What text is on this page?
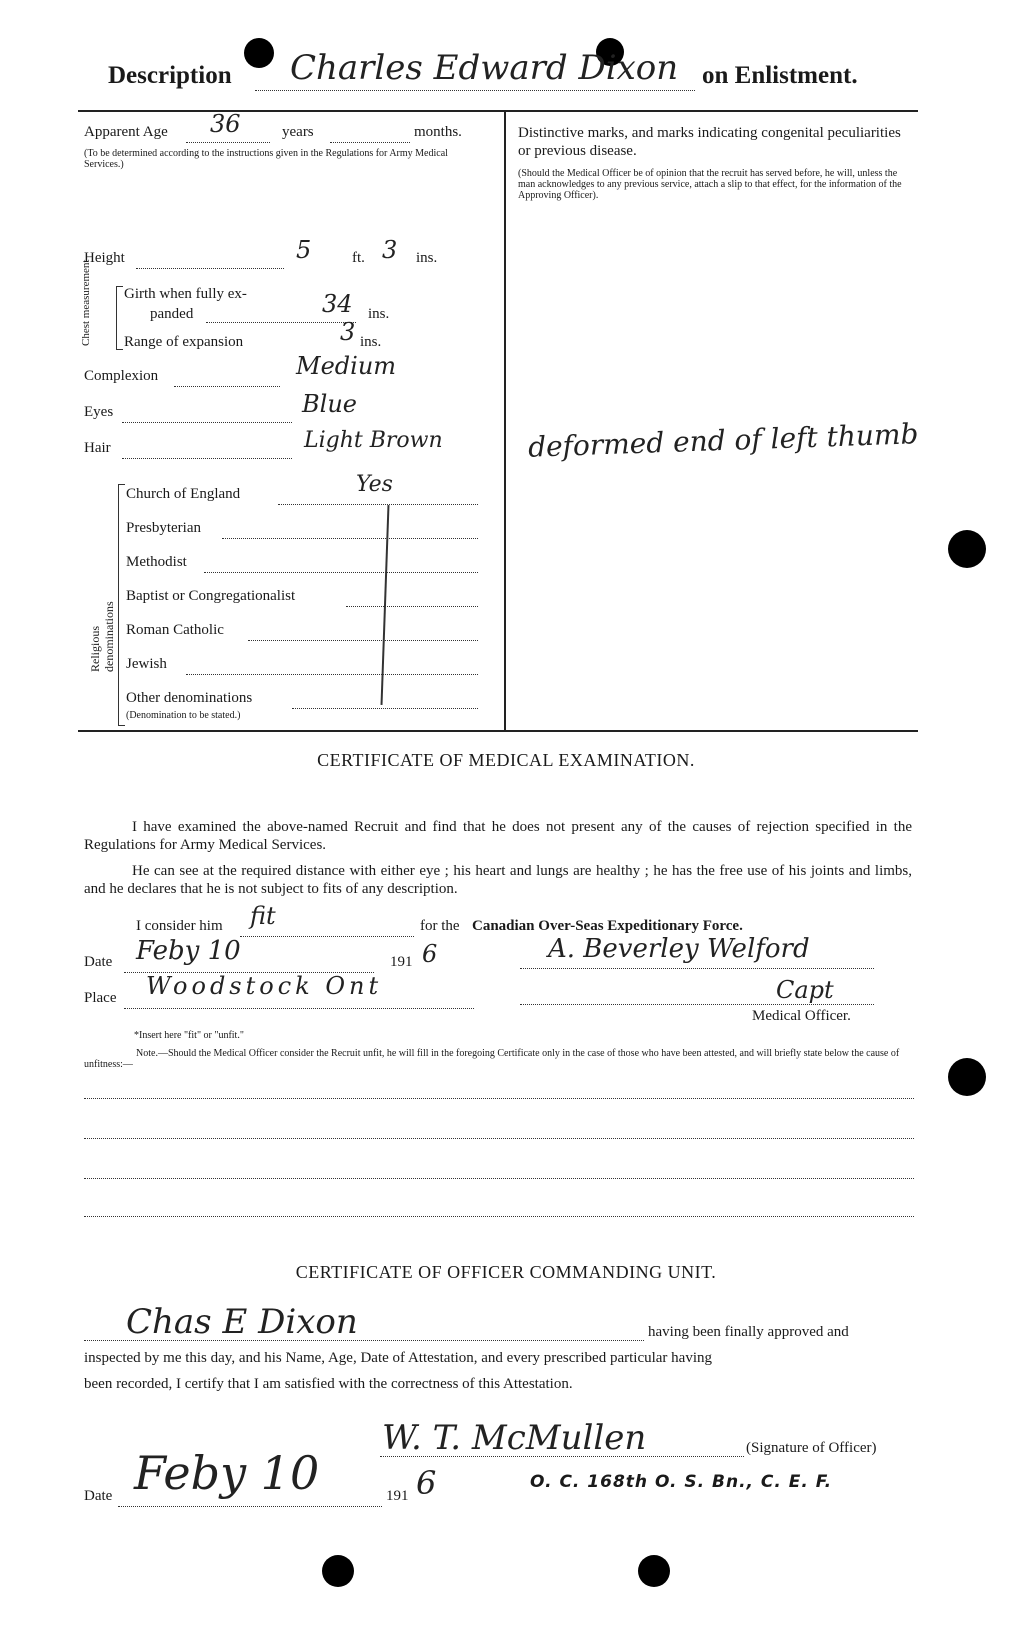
Description Charles Edward Dixon on Enlistment.
Apparent Age 36	years	months.
(To be determined according to the instructions given in the Regulations for Army Medical Services.)
Distinctive marks, and marks indicating congenital peculiarities or previous disease.
(Should the Medical Officer be of opinion that the recruit has served before, he will, unless the man acknowledges to any previous service, attach a slip to that effect, for the information of the Approving Officer).
deformed end of left thumb
Height	5	ft. 3 ins.
Chest measurement Girth when fully ex-
panded	34 ins.
Range of expansion	3 ins.
Complexion	Medium
Eyes	Blue
Hair	Light Brown
Religious denominations
Church of England	Yes
Presbyterian
Methodist
Baptist or Congregationalist
Roman Catholic
Jewish
Other denominations
(Denomination to be stated.)
CERTIFICATE OF MEDICAL EXAMINATION.
I have examined the above-named Recruit and find that he does not present any of the causes of rejection specified in the Regulations for Army Medical Services.
He can see at the required distance with either eye ; his heart and lungs are healthy ; he has the free use of his joints and limbs, and he declares that he is not subject to fits of any description.
I consider him fit	for the Canadian Over-Seas Expeditionary Force.
Date Feby 10	191 6
Place Woodstock Ont
A. Beverley Welford
Capt
Medical Officer.
*Insert here "fit" or "unfit."
Note.—Should the Medical Officer consider the Recruit unfit, he will fill in the foregoing Certificate only in the case of those who have been attested, and will briefly state below the cause of unfitness:—
CERTIFICATE OF OFFICER COMMANDING UNIT.
Chas E Dixon	having been finally approved and
inspected by me this day, and his Name, Age, Date of Attestation, and every prescribed particular having
been recorded, I certify that I am satisfied with the correctness of this Attestation.
W. T. McMullen	(Signature of Officer)
O. C. 168th O. S. Bn., C. E. F.
Date Feby 10	191 6
